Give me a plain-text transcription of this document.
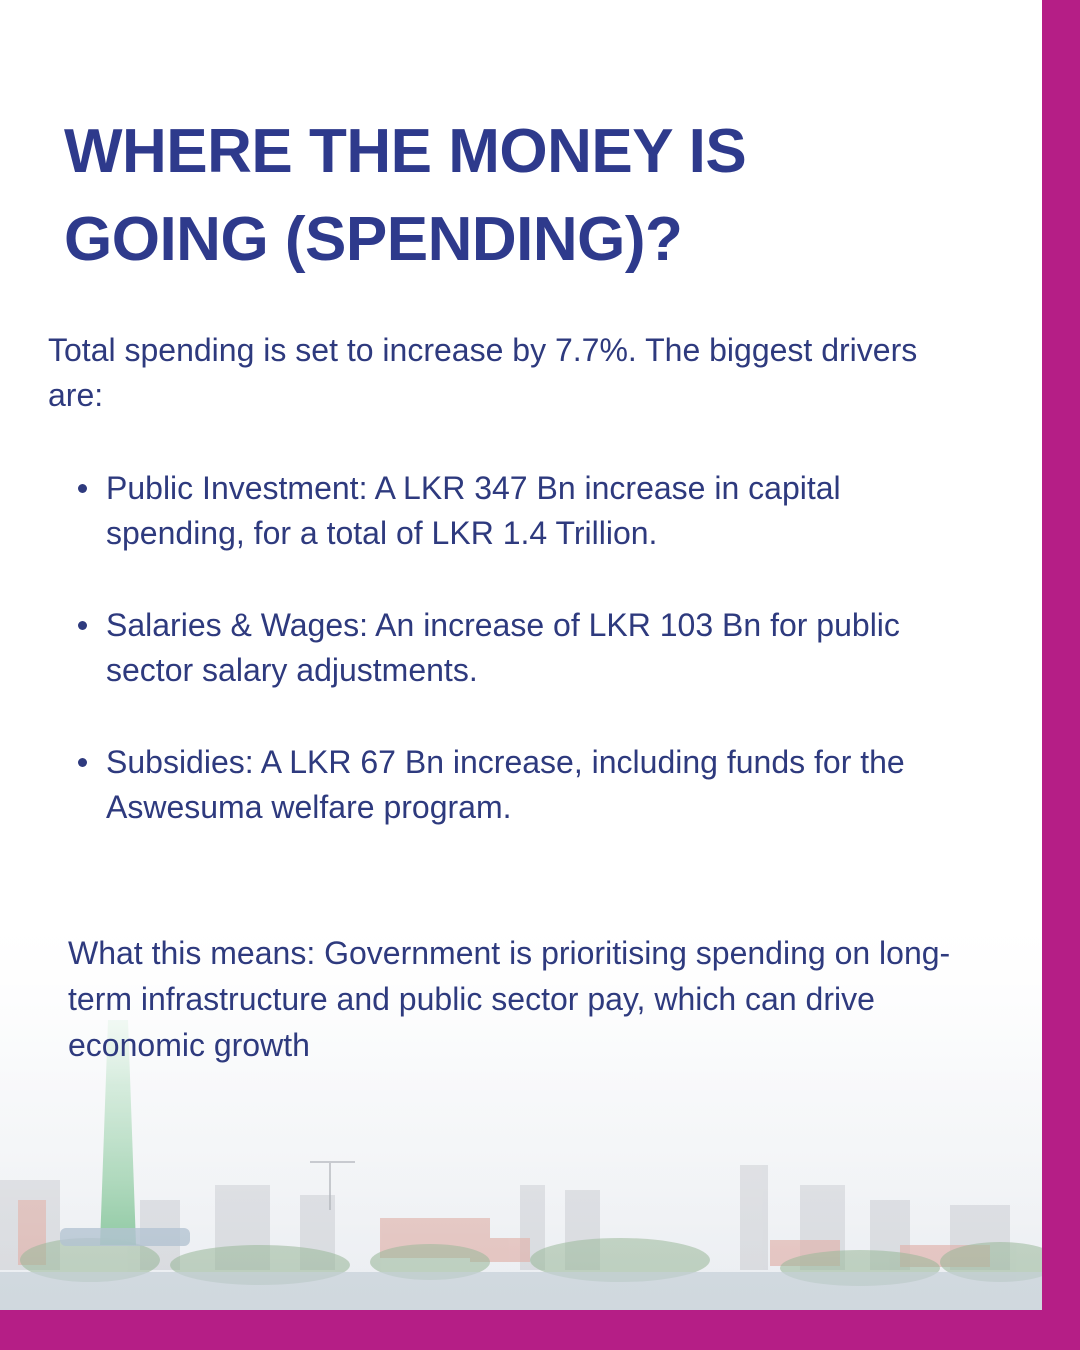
WHERE THE MONEY IS GOING (SPENDING)?

Total spending is set to increase by 7.7%. The biggest drivers are:

Public Investment: A LKR 347 Bn increase in capital spending, for a total of LKR 1.4 Trillion.
Salaries & Wages: An increase of LKR 103 Bn for public sector salary adjustments.
Subsidies: A LKR 67 Bn increase, including funds for the Aswesuma welfare program.

What this means: Government is prioritising spending on long-term infrastructure and public sector pay, which can drive economic growth
